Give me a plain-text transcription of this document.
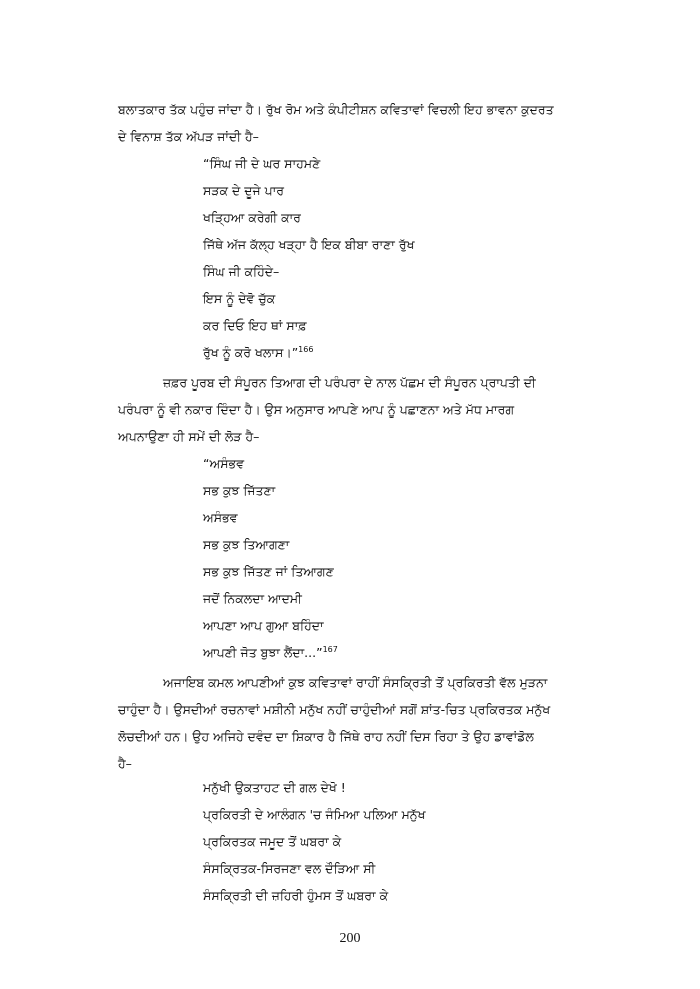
ਬਲਾਤਕਾਰ ਤੱਕ ਪਹੁੰਚ ਜਾਂਦਾ ਹੈ। ਰੁੱਖ ਰੋਮ ਅਤੇ ਕੰਪੀਟੀਸ਼ਨ ਕਵਿਤਾਵਾਂ ਵਿਚਲੀ ਇਹ ਭਾਵਨਾ ਕੁਦਰਤ
ਦੇ ਵਿਨਾਸ਼ ਤੱਕ ਅੱਪੜ ਜਾਂਦੀ ਹੈ–
“ਸਿੰਘ ਜੀ ਦੇ ਘਰ ਸਾਹਮਣੇ
ਸੜਕ ਦੇ ਦੂਜੇ ਪਾਰ
ਖੜ੍ਹਿਆ ਕਰੇਗੀ ਕਾਰ
ਜਿੱਥੇ ਅੱਜ ਕੱਲ੍ਹ ਖੜ੍ਹਾ ਹੈ ਇਕ ਬੀਬਾ ਰਾਣਾ ਰੁੱਖ
ਸਿੰਘ ਜੀ ਕਹਿੰਦੇ–
ਇਸ ਨੂੰ ਦੇਵੋ ਚੁੱਕ
ਕਰ ਦਿਓ ਇਹ ਥਾਂ ਸਾਫ਼
ਰੁੱਖ ਨੂੰ ਕਰੋ ਖਲਾਸ।”$^{166}$
ਜ਼ਫ਼ਰ ਪੂਰਬ ਦੀ ਸੰਪੂਰਨ ਤਿਆਗ ਦੀ ਪਰੰਪਰਾ ਦੇ ਨਾਲ ਪੱਛਮ ਦੀ ਸੰਪੂਰਨ ਪ੍ਰਾਪਤੀ ਦੀ
ਪਰੰਪਰਾ ਨੂੰ ਵੀ ਨਕਾਰ ਦਿੰਦਾ ਹੈ। ਉਸ ਅਨੁਸਾਰ ਆਪਣੇ ਆਪ ਨੂੰ ਪਛਾਣਨਾ ਅਤੇ ਮੱਧ ਮਾਰਗ
ਅਪਨਾਉਣਾ ਹੀ ਸਮੇਂ ਦੀ ਲੋੜ ਹੈ–
“ਅਸੰਭਵ
ਸਭ ਕੁਝ ਜਿੱਤਣਾ
ਅਸੰਭਵ
ਸਭ ਕੁਝ ਤਿਆਗਣਾ
ਸਭ ਕੁਝ ਜਿੱਤਣ ਜਾਂ ਤਿਆਗਣ
ਜਦੋਂ ਨਿਕਲਦਾ ਆਦਮੀ
ਆਪਣਾ ਆਪ ਗੁਆ ਬਹਿੰਦਾ
ਆਪਣੀ ਜੋਤ ਬੁਝਾ ਲੈਂਦਾ...”$^{167}$
ਅਜਾਇਬ ਕਮਲ ਆਪਣੀਆਂ ਕੁਝ ਕਵਿਤਾਵਾਂ ਰਾਹੀਂ ਸੰਸਕ੍ਰਿਤੀ ਤੋਂ ਪ੍ਰਕਿਰਤੀ ਵੱਲ ਮੁੜਨਾ
ਚਾਹੁੰਦਾ ਹੈ। ਉਸਦੀਆਂ ਰਚਨਾਵਾਂ ਮਸ਼ੀਨੀ ਮਨੁੱਖ ਨਹੀਂ ਚਾਹੁੰਦੀਆਂ ਸਗੋਂ ਸ਼ਾਂਤ-ਚਿਤ ਪ੍ਰਕਿਰਤਕ ਮਨੁੱਖ
ਲੋਚਦੀਆਂ ਹਨ। ਉਹ ਅਜਿਹੇ ਦਵੰਦ ਦਾ ਸ਼ਿਕਾਰ ਹੈ ਜਿੱਥੇ ਰਾਹ ਨਹੀਂ ਦਿਸ ਰਿਹਾ ਤੇ ਉਹ ਡਾਵਾਂਡੋਲ
ਹੈ–
ਮਨੁੱਖੀ ਉਕਤਾਹਟ ਦੀ ਗਲ ਦੇਖੋ !
ਪ੍ਰਕਿਰਤੀ ਦੇ ਆਲੰਗਨ 'ਚ ਜੰਮਿਆ ਪਲਿਆ ਮਨੁੱਖ
ਪ੍ਰਕਿਰਤਕ ਜਮੂਦ ਤੋਂ ਘਬਰਾ ਕੇ
ਸੰਸਕ੍ਰਿਤਕ-ਸਿਰਜਣਾ ਵਲ ਦੌੜਿਆ ਸੀ
ਸੰਸਕ੍ਰਿਤੀ ਦੀ ਜ਼ਹਿਰੀ ਹੁੰਮਸ ਤੋਂ ਘਬਰਾ ਕੇ
200
